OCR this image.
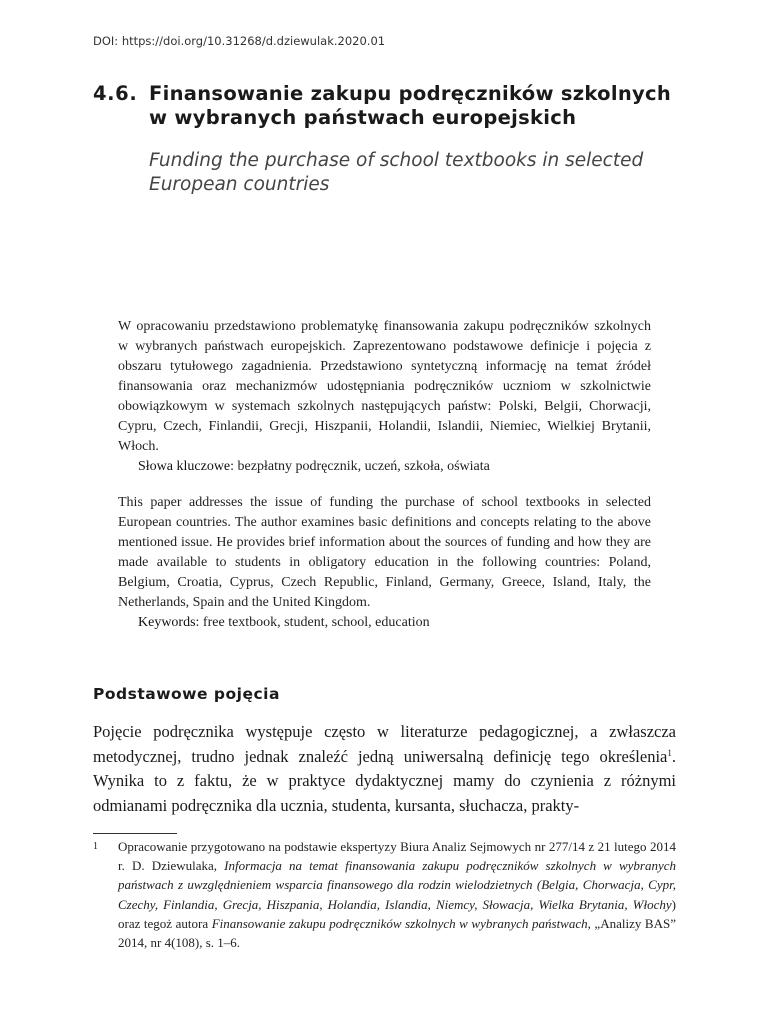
DOI: https://doi.org/10.31268/d.dziewulak.2020.01
4.6. Finansowanie zakupu podręczników szkolnych
w wybranych państwach europejskich
Funding the purchase of school textbooks in selected
European countries

W opracowaniu przedstawiono problematykę finansowania zakupu podręczników szkolnych w wybranych państwach europejskich. Zaprezentowano podstawowe definicje i pojęcia z obszaru tytułowego zagadnienia. Przedstawiono syntetyczną informację na temat źródeł finansowania oraz mechanizmów udostępniania podręczników uczniom w szkolnictwie obowiązkowym w systemach szkolnych następujących państw: Polski, Belgii, Chorwacji, Cypru, Czech, Finlandii, Grecji, Hiszpanii, Holandii, Islandii, Niemiec, Wielkiej Brytanii, Włoch.

Słowa kluczowe: bezpłatny podręcznik, uczeń, szkoła, oświata

This paper addresses the issue of funding the purchase of school textbooks in selected European countries. The author examines basic definitions and concepts relating to the above mentioned issue. He provides brief information about the sources of funding and how they are made available to students in obligatory education in the following countries: Poland, Belgium, Croatia, Cyprus, Czech Republic, Finland, Germany, Greece, Island, Italy, the Netherlands, Spain and the United Kingdom.

Keywords: free textbook, student, school, education
Podstawowe pojęcia

Pojęcie podręcznika występuje często w literaturze pedagogicznej, a zwłaszcza metodycznej, trudno jednak znaleźć jedną uniwersalną definicję tego określenia$^1$. Wynika to z faktu, że w praktyce dydaktycznej mamy do czynienia z różnymi odmianami podręcznika dla ucznia, studenta, kursanta, słuchacza, prakty-

1 Opracowanie przygotowano na podstawie ekspertyzy Biura Analiz Sejmowych nr 277/14 z 21 lutego 2014 r. D. Dziewulaka, Informacja na temat finansowania zakupu podręczników szkolnych w wybranych państwach z uwzględnieniem wsparcia finansowego dla rodzin wielodzietnych (Belgia, Chorwacja, Cypr, Czechy, Finlandia, Grecja, Hiszpania, Holandia, Islandia, Niemcy, Słowacja, Wielka Brytania, Włochy) oraz tegoż autora Finansowanie zakupu podręczników szkolnych w wybranych państwach, „Analizy BAS” 2014, nr 4(108), s. 1–6.
